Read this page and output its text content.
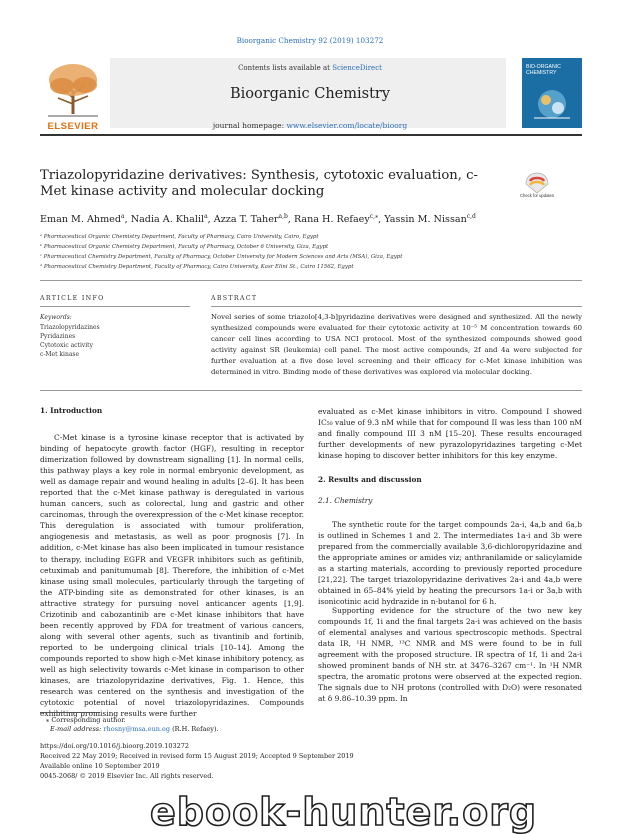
Bioorganic Chemistry 92 (2019) 103272
ELSEVIER
Contents lists available at ScienceDirect
Bioorganic Chemistry
journal homepage: www.elsevier.com/locate/bioorg
BIO-ORGANIC CHEMISTRY
Triazolopyridazine derivatives: Synthesis, cytotoxic evaluation, c-Met kinase activity and molecular docking	Check for updates
Eman M. Ahmed$^a$, Nadia A. Khalil$^a$, Azza T. Taher$^{a,b}$, Rana H. Refaey$^{c,⁎}$, Yassin M. Nissan$^{c,d}$
ᵃ Pharmaceutical Organic Chemistry Department, Faculty of Pharmacy, Cairo University, Cairo, Egypt
ᵇ Pharmaceutical Organic Chemistry Department, Faculty of Pharmacy, October 6 University, Giza, Egypt
ᶜ Pharmaceutical Chemistry Department, Faculty of Pharmacy, October University for Modern Sciences and Arts (MSA), Giza, Egypt
ᵈ Pharmaceutical Chemistry Department, Faculty of Pharmacy, Cairo University, Kasr Elini St., Cairo 11562, Egypt
ARTICLE INFO	ABSTRACT
Keywords:
Triazolopyridazines
Pyridazines
Cytotoxic activity
c-Met kinase
Novel series of some triazolo[4,3-b]pyridazine derivatives were designed and synthesized. All the newly synthesized compounds were evaluated for their cytotoxic activity at 10⁻⁵ M concentration towards 60 cancer cell lines according to USA NCI protocol. Most of the synthesized compounds showed good activity against SR (leukemia) cell panel. The most active compounds, 2f and 4a were subjected for further evaluation at a five dose level screening and their efficacy for c-Met kinase inhibition was determined in vitro. Binding mode of these derivatives was explored via molecular docking.
1. Introduction
C-Met kinase is a tyrosine kinase receptor that is activated by binding of hepatocyte growth factor (HGF), resulting in receptor dimerization followed by downstream signalling [1]. In normal cells, this pathway plays a key role in normal embryonic development, as well as damage repair and wound healing in adults [2–6]. It has been reported that the c-Met kinase pathway is deregulated in various human cancers, such as colorectal, lung and gastric and other carcinomas, through the overexpression of the c-Met kinase receptor. This deregulation is associated with tumour proliferation, angiogenesis and metastasis, as well as poor prognosis [7]. In addition, c-Met kinase has also been implicated in tumour resistance to therapy, including EGFR and VEGFR inhibitors such as gefitinib, cetuximab and panitumumab [8]. Therefore, the inhibition of c-Met kinase using small molecules, particularly through the targeting of the ATP-binding site as demonstrated for other kinases, is an attractive strategy for pursuing novel anticancer agents [1,9]. Crizotinib and cabozantinib are c-Met kinase inhibitors that have been recently approved by FDA for treatment of various cancers, along with several other agents, such as tivantinib and fortinib, reported to be undergoing clinical trials [10–14]. Among the compounds reported to show high c-Met kinase inhibitory potency, as well as high selectivity towards c-Met kinase in comparison to other kinases, are triazolopyridazine derivatives, Fig. 1. Hence, this research was centered on the synthesis and investigation of the cytotoxic potential of novel triazolopyridazines. Compounds exhibiting promising results were further
evaluated as c-Met kinase inhibitors in vitro. Compound I showed IC₅₀ value of 9.3 nM while that for compound II was less than 100 nM and finally compound III 3 nM [15–20]. These results encouraged further developments of new pyrazolopyridazines targeting c-Met kinase hoping to discover better inhibitors for this key enzyme.
2. Results and discussion
2.1. Chemistry
The synthetic route for the target compounds 2a-i, 4a,b and 6a,b is outlined in Schemes 1 and 2. The intermediates 1a-i and 3b were prepared from the commercially available 3,6-dichloropyridazine and the appropriate amines or amides viz; anthranilamide or salicylamide as a starting materials, according to previously reported procedure [21,22]. The target triazolopyridazine derivatives 2a-i and 4a,b were obtained in 65–84% yield by heating the precursors 1a-i or 3a,b with isonicotinic acid hydrazide in n-butanol for 6 h.
Supporting evidence for the structure of the two new key compounds 1f, 1i and the final targets 2a-i was achieved on the basis of elemental analyses and various spectroscopic methods. Spectral data IR, ¹H NMR, ¹³C NMR and MS were found to be in full agreement with the proposed structure. IR spectra of 1f, 1i and 2a-i showed prominent bands of NH str. at 3476–3267 cm⁻¹. In ¹H NMR spectra, the aromatic protons were observed at the expected region. The signals due to NH protons (controlled with D₂O) were resonated at δ 9.86–10.39 ppm. In
⁎ Corresponding author.
E-mail address: rhosny@msa.eun.eg (R.H. Refaey).
https://doi.org/10.1016/j.bioorg.2019.103272
Received 22 May 2019; Received in revised form 15 August 2019; Accepted 9 September 2019
Available online 10 September 2019
0045-2068/ © 2019 Elsevier Inc. All rights reserved.
ebook-hunter.org
